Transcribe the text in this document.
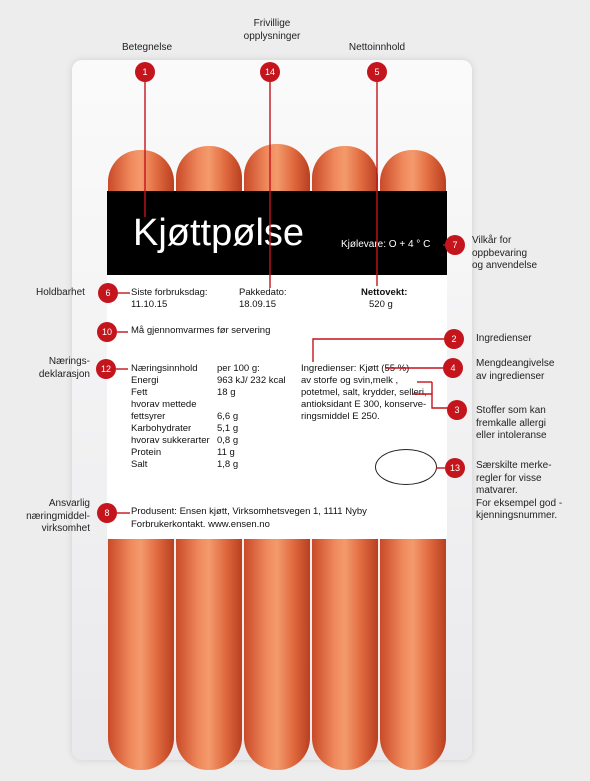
Kjøttpølse	Kjølevare: O + 4 ° C
Siste forbruksdag:
11.10.15
Pakkedato:
18.09.15
Nettovekt:
520 g
Må gjennomvarmes før servering
Næringsinnhold per 100 g:
Energi	963 kJ/ 232 kcal
Fett	18 g
hvorav mettede
fettsyrer	6,6 g
Karbohydrater	5,1 g
hvorav sukkerarter 0,8 g
Protein	11 g
Salt	1,8 g
Ingredienser: Kjøtt (55 %)
av storfe og svin,melk ,
potetmel, salt, krydder, selleri,
antioksidant E 300, konserve-
ringsmiddel E 250.
Produsent: Ensen kjøtt, Virksomhetsvegen 1, 1111 Nyby
Forbrukerkontakt. www.ensen.no
1	14	5
7
6
10
2
12	4
3
13
8
Betegnelse
Frivillige
opplysninger
Nettoinnhold
Vilkår for
oppbevaring
og anvendelse
Holdbarhet
Ingredienser
Nærings-
deklarasjon
Mengdeangivelse
av ingredienser
Stoffer som kan
fremkalle allergi
eller intoleranse
Særskilte merke-
regler for visse
matvarer.
For eksempel god -
kjenningsnummer.
Ansvarlig
næringmiddel-
virksomhet
